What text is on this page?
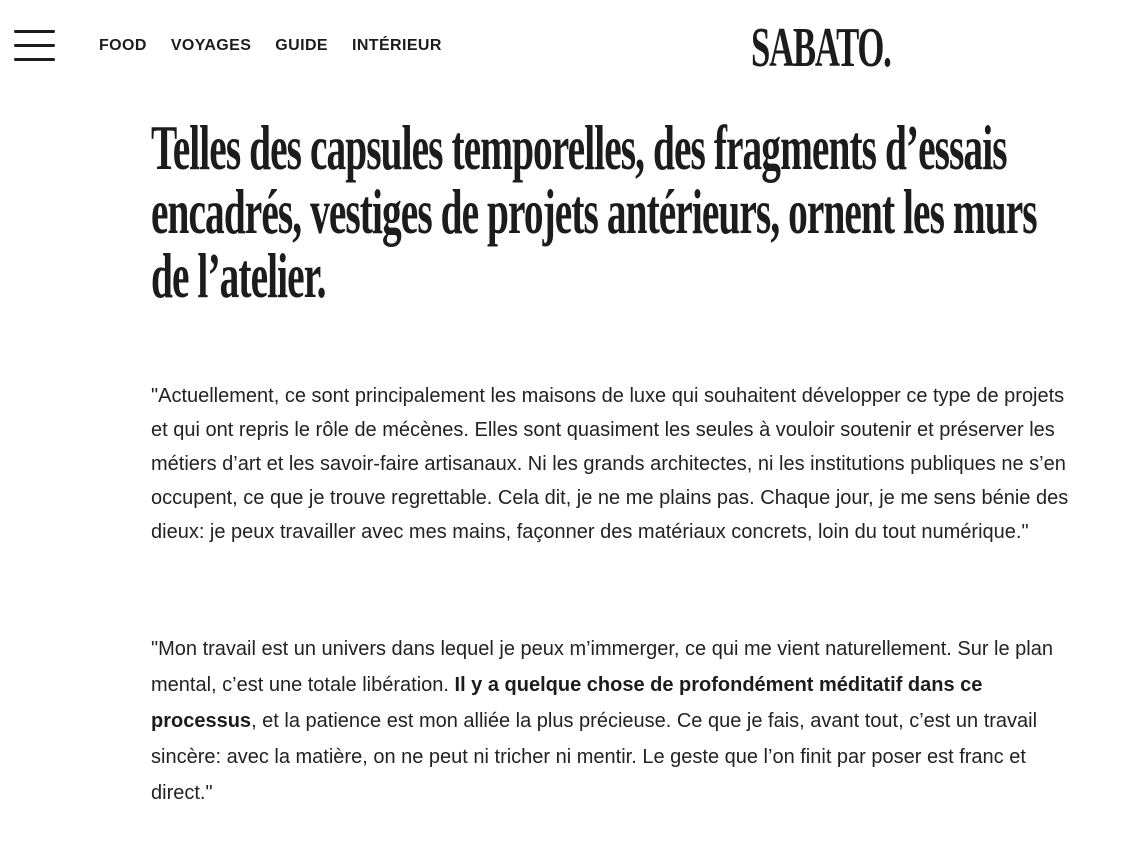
FOOD VOYAGES GUIDE INTÉRIEUR	SABATO.
Telles des capsules temporelles, des fragments d’essais encadrés, vestiges de projets antérieurs, ornent les murs de l’atelier.

"Actuellement, ce sont principalement les maisons de luxe qui souhaitent développer ce type de projets et qui ont repris le rôle de mécènes. Elles sont quasiment les seules à vouloir soutenir et préserver les métiers d’art et les savoir-faire artisanaux. Ni les grands architectes, ni les institutions publiques ne s’en occupent, ce que je trouve regrettable. Cela dit, je ne me plains pas. Chaque jour, je me sens bénie des dieux: je peux travailler avec mes mains, façonner des matériaux concrets, loin du tout numérique."

"Mon travail est un univers dans lequel je peux m’immerger, ce qui me vient naturellement. Sur le plan mental, c’est une totale libération. Il y a quelque chose de profondément méditatif dans ce processus, et la patience est mon alliée la plus précieuse. Ce que je fais, avant tout, c’est un travail sincère: avec la matière, on ne peut ni tricher ni mentir. Le geste que l’on finit par poser est franc et direct."
